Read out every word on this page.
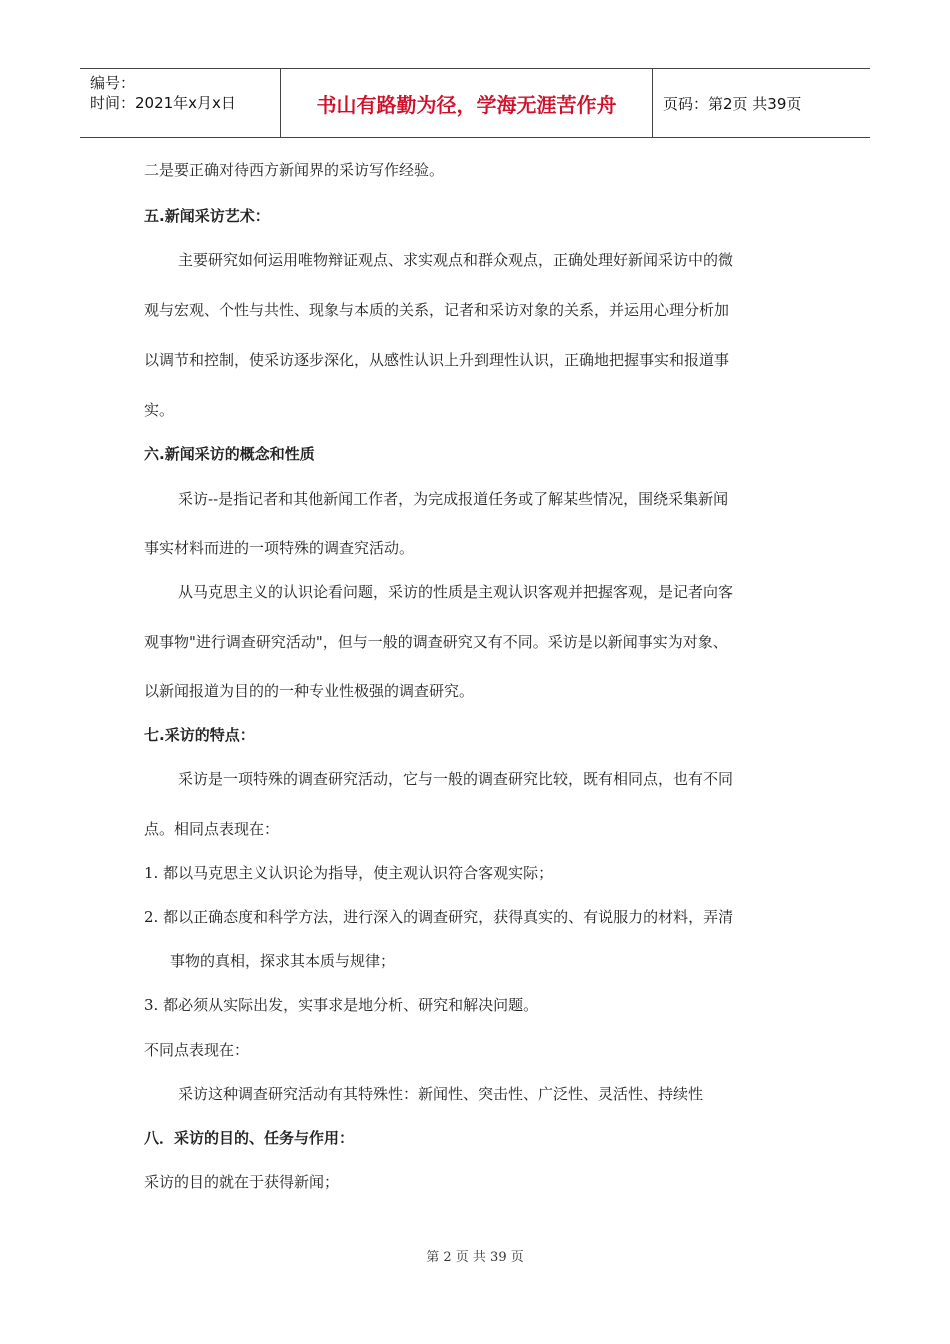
编号：
时间：2021年x月x日	书山有路勤为径，学海无涯苦作舟	页码：第2页 共39页
二是要正确对待西方新闻界的采访写作经验。
五.新闻采访艺术：
主要研究如何运用唯物辩证观点、求实观点和群众观点，正确处理好新闻采访中的微
观与宏观、个性与共性、现象与本质的关系，记者和采访对象的关系，并运用心理分析加
以调节和控制，使采访逐步深化，从感性认识上升到理性认识，正确地把握事实和报道事
实。
六.新闻采访的概念和性质
采访--是指记者和其他新闻工作者，为完成报道任务或了解某些情况，围绕采集新闻
事实材料而进的一项特殊的调查究活动。
从马克思主义的认识论看问题，采访的性质是主观认识客观并把握客观，是记者向客
观事物"进行调查研究活动"，但与一般的调查研究又有不同。采访是以新闻事实为对象、
以新闻报道为目的的一种专业性极强的调查研究。
七.采访的特点：
采访是一项特殊的调查研究活动，它与一般的调查研究比较，既有相同点，也有不同
点。相同点表现在：
1. 都以马克思主义认识论为指导，使主观认识符合客观实际；
2. 都以正确态度和科学方法，进行深入的调查研究，获得真实的、有说服力的材料，弄清
事物的真相，探求其本质与规律；
3. 都必须从实际出发，实事求是地分析、研究和解决问题。
不同点表现在：
采访这种调查研究活动有其特殊性：新闻性、突击性、广泛性、灵活性、持续性
八．采访的目的、任务与作用：
采访的目的就在于获得新闻；
第 2 页 共 39 页
